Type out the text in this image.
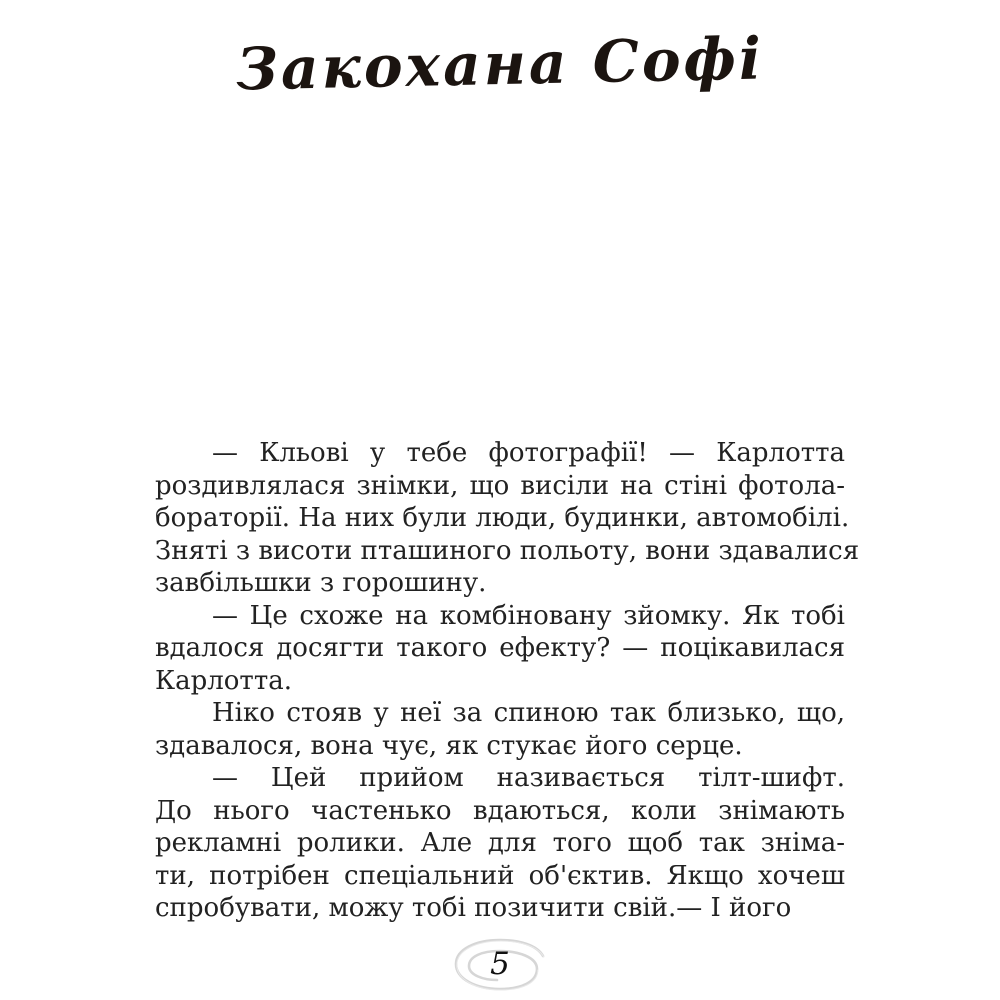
Закохана Софі
— Кльові у тебе фотографії! — Карлотта
роздивлялася знімки, що висіли на стіні фотола-
бораторії. На них були люди, будинки, автомобілі.
Зняті з висоти пташиного польоту, вони здавалися
завбільшки з горошину.
— Це схоже на комбіновану зйомку. Як тобі
вдалося досягти такого ефекту? — поцікавилася
Карлотта.
Ніко стояв у неї за спиною так близько, що,
здавалося, вона чує, як стукає його серце.
— Цей прийом називається тілт-шифт.
До нього частенько вдаються, коли знімають
рекламні ролики. Але для того щоб так зніма-
ти, потрібен спеціальний об'єктив. Якщо хочеш
спробувати, можу тобі позичити свій.— І його
5
